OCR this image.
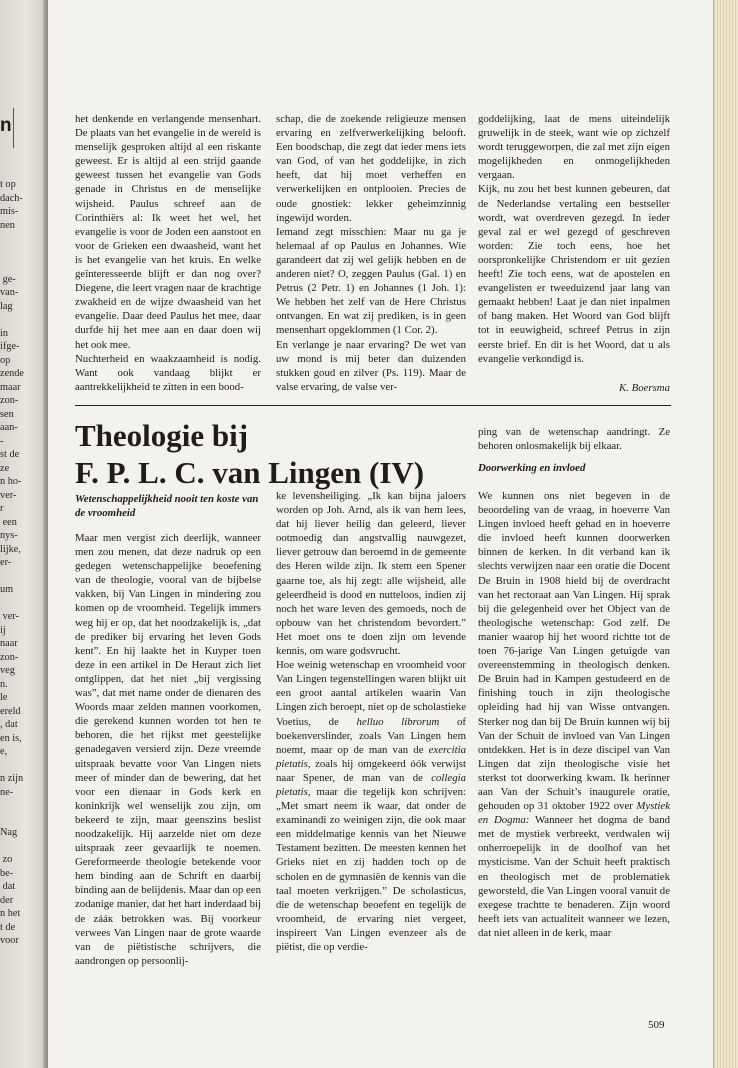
n
t op
dach-
mis-
nen

ge-
van-
lag

in
ifge-
op
zende
maar
zon-
sen
aan-
-
st de
ze
n ho-
ver-
r
een
nys-
lijke,
er-

um

ver-
ij
naar
zon-
veg
n.
le
ereld
, dat
en is,
e,

n zijn
ne-

Nag

zo
be-
dat
der
n het
t de
voor

het denkende en verlangende mensenhart. De plaats van het evangelie in de wereld is menselijk gesproken altijd al een riskante geweest. Er is altijd al een strijd gaande geweest tussen het evangelie van Gods genade in Christus en de menselijke wijsheid. Paulus schreef aan de Corinthiërs al: Ik weet het wel, het evangelie is voor de Joden een aanstoot en voor de Grieken een dwaasheid, want het is het evangelie van het kruis. En welke geïnteresseerde blijft er dan nog over? Diegene, die leert vragen naar de krachtige zwakheid en de wijze dwaasheid van het evangelie. Daar deed Paulus het mee, daar durfde hij het mee aan en daar doen wij het ook mee.

Nuchterheid en waakzaamheid is nodig. Want ook vandaag blijkt er aantrekkelijkheid te zitten in een bood-

schap, die de zoekende religieuze mensen ervaring en zelfverwerkelijking belooft. Een boodschap, die zegt dat ieder mens iets van God, of van het goddelijke, in zich heeft, dat hij moet verheffen en verwerkelijken en ontplooien. Precies de oude gnostiek: lekker geheimzinnig ingewijd worden.

Iemand zegt misschien: Maar nu ga je helemaal af op Paulus en Johannes. Wie garandeert dat zij wel gelijk hebben en de anderen niet? O, zeggen Paulus (Gal. 1) en Petrus (2 Petr. 1) en Johannes (1 Joh. 1): We hebben het zelf van de Here Christus ontvangen. En wat zij prediken, is in geen mensenhart opgeklommen (1 Cor. 2).

En verlange je naar ervaring? De wet van uw mond is mij beter dan duizenden stukken goud en zilver (Ps. 119). Maar de valse ervaring, de valse ver-

goddelijking, laat de mens uiteindelijk gruwelijk in de steek, want wie op zichzelf wordt teruggeworpen, die zal met zijn eigen mogelijkheden en onmogelijkheden vergaan.

Kijk, nu zou het best kunnen gebeuren, dat de Nederlandse vertaling een bestseller wordt, wat overdreven gezegd. In ieder geval zal er wel gezegd of geschreven worden: Zie toch eens, hoe het oorspronkelijke Christendom er uit gezien heeft! Zie toch eens, wat de apostelen en evangelisten er tweeduizend jaar lang van gemaakt hebben! Laat je dan niet inpalmen of bang maken. Het Woord van God blijft tot in eeuwigheid, schreef Petrus in zijn eerste brief. En dit is het Woord, dat u als evangelie verkondigd is.

K. Boersma
Theologie bij
F. P. L. C. van Lingen (IV)
Wetenschappelijkheid nooit ten koste van de vroomheid

Maar men vergist zich deerlijk, wanneer men zou menen, dat deze nadruk op een gedegen wetenschappelijke beoefening van de theologie, vooral van de bijbelse vakken, bij Van Lingen in mindering zou komen op de vroomheid. Tegelijk immers weg hij er op, dat het noodzakelijk is, „dat de prediker bij ervaring het leven Gods kent”. En hij laakte het in Kuyper toen deze in een artikel in De Heraut zich liet ontglippen, dat het niet „bij vergissing was”, dat met name onder de dienaren des Woords maar zelden mannen voorkomen, die gerekend kunnen worden tot hen te behoren, die het rijkst met geestelijke genadegaven versierd zijn. Deze vreemde uitspraak bevatte voor Van Lingen niets meer of minder dan de bewering, dat het voor een dienaar in Gods kerk en koninkrijk wel wenselijk zou zijn, om bekeerd te zijn, maar geenszins beslist noodzakelijk. Hij aarzelde niet om deze uitspraak zeer gevaarlijk te noemen. Gereformeerde theologie betekende voor hem binding aan de Schrift en daarbij binding aan de belijdenis. Maar dan op een zodanige manier, dat het hart inderdaad bij de zááк betrokken was. Bij voorkeur verwees Van Lingen naar de grote waarde van de piëtistische schrijvers, die aandrongen op persoonlij-

ke levensheiliging. „Ik kan bijna jaloers worden op Joh. Arnd, als ik van hem lees, dat hij liever heilig dan geleerd, liever ootmoedig dan angstvallig nauwgezet, liever getrouw dan beroemd in de gemeente des Heren wilde zijn. Ik stem een Spener gaarne toe, als hij zegt: alle wijsheid, alle geleerdheid is dood en nutteloos, indien zij noch het ware leven des gemoeds, noch de opbouw van het christendom bevordert.” Het moet ons te doen zijn om levende kennis, om ware godsvrucht.

Hoe weinig wetenschap en vroomheid voor Van Lingen tegenstellingen waren blijkt uit een groot aantal artikelen waarin Van Lingen zich beroept, niet op de scholastieke Voetius, de helluo librorum of boekenverslinder, zoals Van Lingen hem noemt, maar op de man van de exercitia pietatis, zoals hij omgekeerd óók verwijst naar Spener, de man van de collegia pietatis, maar die tegelijk kon schrijven: „Met smart neem ik waar, dat onder de examinandi zo weinigen zijn, die ook maar een middelmatige kennis van het Nieuwe Testament bezitten. De meesten kennen het Grieks niet en zij hadden toch op de scholen en de gymnasiën de kennis van die taal moeten verkrijgen.” De scholasticus, die de wetenschap beoefent en tegelijk de vroomheid, de ervaring niet vergeet, inspireert Van Lingen evenzeer als de piëtist, die op verdie-

ping van de wetenschap aandringt. Ze behoren onlosmakelijk bij elkaar.

Doorwerking en invloed

We kunnen ons niet begeven in de beoordeling van de vraag, in hoeverre Van Lingen invloed heeft gehad en in hoeverre die invloed heeft kunnen doorwerken binnen de kerken. In dit verband kan ik slechts verwijzen naar een oratie die Docent De Bruin in 1908 hield bij de overdracht van het rectoraat aan Van Lingen. Hij sprak bij die gelegenheid over het Object van de theologische wetenschap: God zelf. De manier waarop hij het woord richtte tot de toen 76-jarige Van Lingen getuigde van overeenstemming in theologisch denken. De Bruin had in Kampen gestudeerd en de finishing touch in zijn theologische opleiding had hij van Wisse ontvangen. Sterker nog dan bij De Bruin kunnen wij bij Van der Schuit de invloed van Van Lingen ontdekken. Het is in deze discipel van Van Lingen dat zijn theologische visie het sterkst tot doorwerking kwam. Ik herinner aan Van der Schuit’s inaugurele oratie, gehouden op 31 oktober 1922 over Mystiek en Dogma: Wanneer het dogma de band met de mystiek verbreekt, verdwalen wij onherroepelijk in de doolhof van het mysticisme. Van der Schuit heeft praktisch en theologisch met de problematiek geworsteld, die Van Lingen vooral vanuit de exegese trachtte te benaderen. Zijn woord heeft iets van actualiteit wanneer we lezen, dat niet alleen in de kerk, maar

509
